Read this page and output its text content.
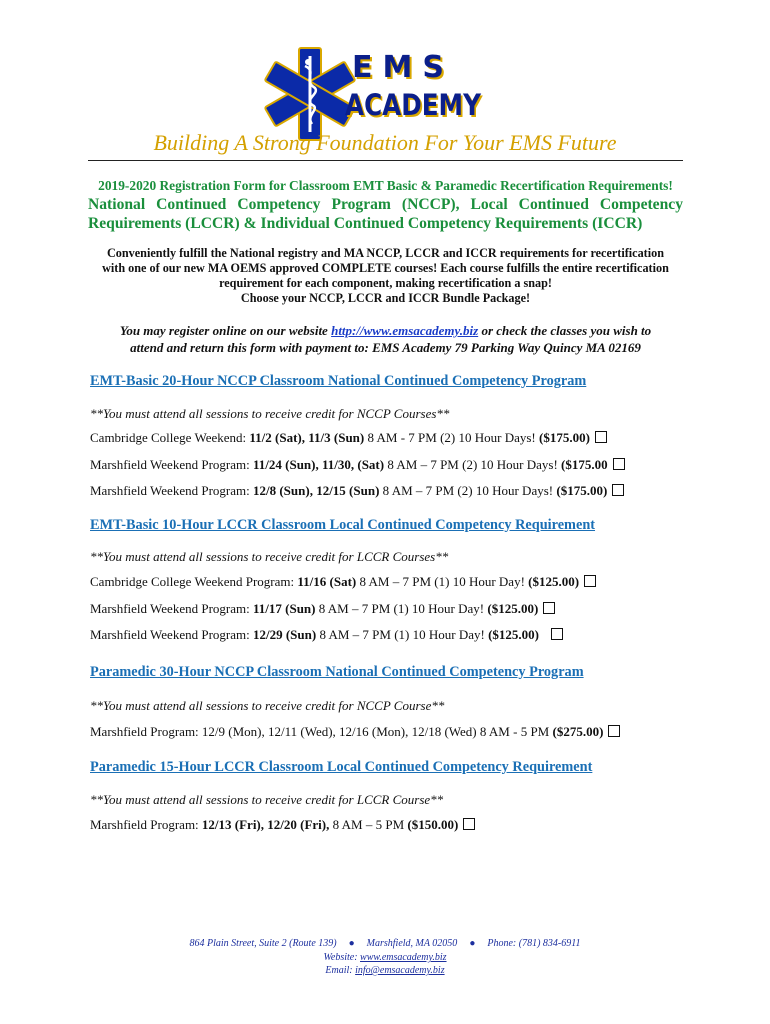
EMS
ACADEMY
Building A Strong Foundation For Your EMS Future
2019-2020 Registration Form for Classroom EMT Basic & Paramedic Recertification Requirements!
National Continued Competency Program (NCCP), Local Continued Competency Requirements (LCCR) & Individual Continued Competency Requirements (ICCR)
Conveniently fulfill the National registry and MA NCCP, LCCR and ICCR requirements for recertification
with one of our new MA OEMS approved COMPLETE courses! Each course fulfills the entire recertification
requirement for each component, making recertification a snap!
Choose your NCCP, LCCR and ICCR Bundle Package!
You may register online on our website http://www.emsacademy.biz or check the classes you wish to
attend and return this form with payment to: EMS Academy 79 Parking Way Quincy MA 02169
EMT-Basic 20-Hour NCCP Classroom National Continued Competency Program
**You must attend all sessions to receive credit for NCCP Courses**
Cambridge College Weekend: 11/2 (Sat), 11/3 (Sun) 8 AM - 7 PM (2) 10 Hour Days! ($175.00)
Marshfield Weekend Program: 11/24 (Sun), 11/30, (Sat) 8 AM – 7 PM (2) 10 Hour Days! ($175.00
Marshfield Weekend Program: 12/8 (Sun), 12/15 (Sun) 8 AM – 7 PM (2) 10 Hour Days! ($175.00)
EMT-Basic 10-Hour LCCR Classroom Local Continued Competency Requirement
**You must attend all sessions to receive credit for LCCR Courses**
Cambridge College Weekend Program: 11/16 (Sat) 8 AM – 7 PM (1) 10 Hour Day! ($125.00)
Marshfield Weekend Program: 11/17 (Sun) 8 AM – 7 PM (1) 10 Hour Day! ($125.00)
Marshfield Weekend Program: 12/29 (Sun) 8 AM – 7 PM (1) 10 Hour Day! ($125.00)
Paramedic 30-Hour NCCP Classroom National Continued Competency Program
**You must attend all sessions to receive credit for NCCP Course**
Marshfield Program: 12/9 (Mon), 12/11 (Wed), 12/16 (Mon), 12/18 (Wed) 8 AM - 5 PM ($275.00)
Paramedic 15-Hour LCCR Classroom Local Continued Competency Requirement
**You must attend all sessions to receive credit for LCCR Course**
Marshfield Program: 12/13 (Fri), 12/20 (Fri), 8 AM – 5 PM ($150.00)
864 Plain Street, Suite 2 (Route 139) ● Marshfield, MA 02050 ● Phone: (781) 834-6911
Website: www.emsacademy.biz
Email: info@emsacademy.biz
